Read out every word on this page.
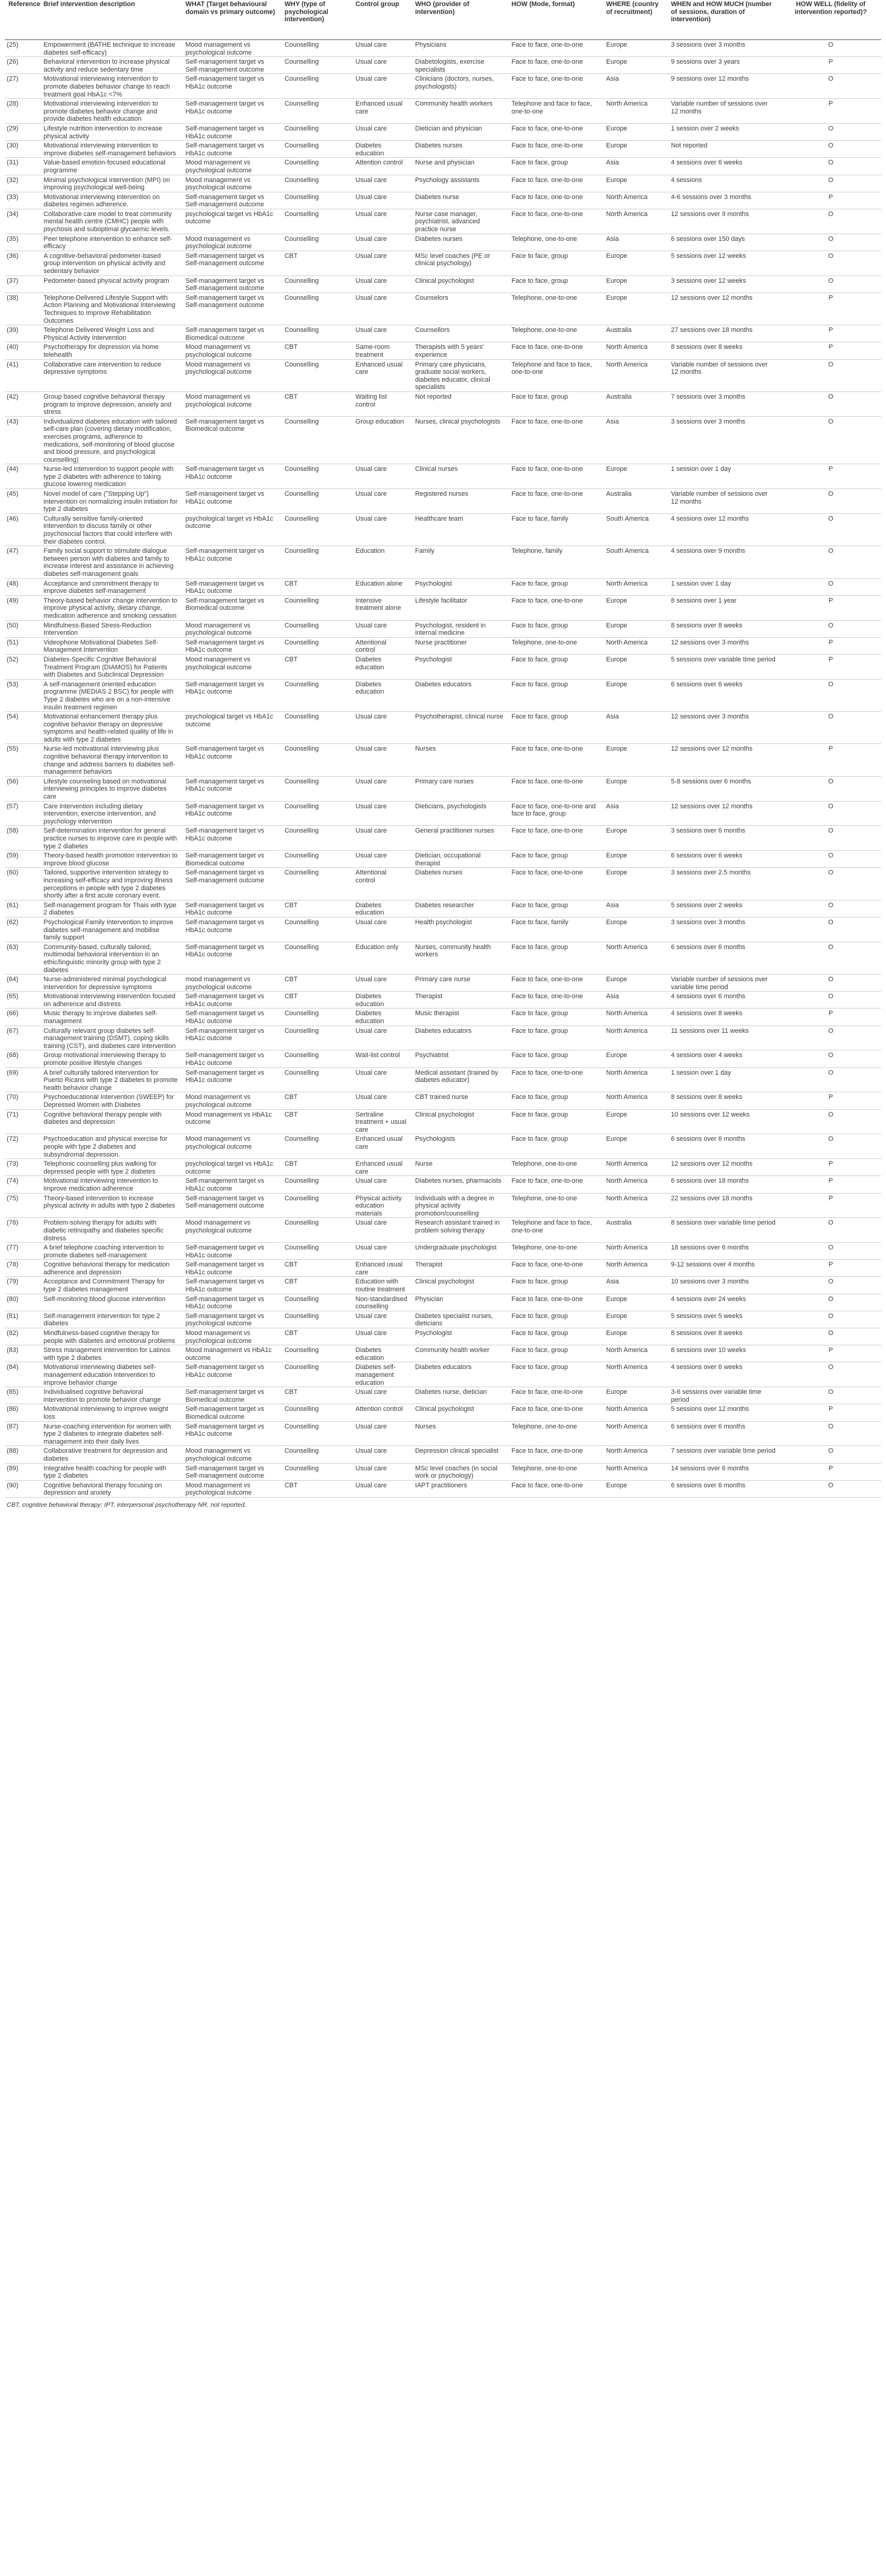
Reference	Brief intervention description	WHAT (Target behavioural domain vs primary outcome)	WHY (type of psychological intervention)	Control group	WHO (provider of intervention)	HOW (Mode, format)	WHERE (country of recruitment)	WHEN and HOW MUCH (number of sessions, duration of intervention)	HOW WELL (fidelity of intervention reported)?
(25)	Empowerment (BATHE technique to increase diabetes self-efficacy)	Mood management vs psychological outcome	Counselling	Usual care	Physicians	Face to face, one-to-one	Europe	3 sessions over 3 months	O
(26)	Behavioral intervention to increase physical activity and reduce sedentary time	Self-management target vs Self-management outcome	Counselling	Usual care	Diabetologists, exercise specialists	Face to face, one-to-one	Europe	9 sessions over 3 years	P
(27)	Motivational interviewing intervention to promote diabetes behavior change to reach treatment goal HbA1c <7%	Self-management target vs HbA1c outcome	Counselling	Usual care	Clinicians (doctors, nurses, psychologists)	Face to face, one-to-one	Asia	9 sessions over 12 months	O
(28)	Motivational interviewing intervention to promote diabetes behavior change and provide diabetes health education	Self-management target vs HbA1c outcome	Counselling	Enhanced usual care	Community health workers	Telephone and face to face, one-to-one	North America	Variable number of sessions over 12 months	P
(29)	Lifestyle nutrition intervention to increase physical activity	Self-management target vs HbA1c outcome	Counselling	Usual care	Dietician and physician	Face to face, one-to-one	Europe	1 session over 2 weeks	O
(30)	Motivational interviewing intervention to improve diabetes self-management behaviors	Self-management target vs HbA1c outcome	Counselling	Diabetes education	Diabetes nurses	Face to face, one-to-one	Europe	Not reported	O
(31)	Value-based emotion-focused educational programme	Mood management vs psychological outcome	Counselling	Attention control	Nurse and physician	Face to face, group	Asia	4 sessions over 6 weeks	O
(32)	Minimal psychological intervention (MPI) on improving psychological well-being	Mood management vs psychological outcome	Counselling	Usual care	Psychology assistants	Face to face, one-to-one	Europe	4 sessions	O
(33)	Motivational interviewing intervention on diabetes regimen adherence.	Self-management target vs Self-management outcome	Counselling	Usual care	Diabetes nurse	Face to face, one-to-one	North America	4-6 sessions over 3 months	P
(34)	Collaborative care model to treat community mental health centre (CMHC) people with psychosis and suboptimal glycaemic levels.	psychological target vs HbA1c outcome	Counselling	Usual care	Nurse case manager, psychiatrist, advanced practice nurse	Face to face, one-to-one	North America	12 sessions over 9 months	O
(35)	Peer telephone intervention to enhance self-efficacy	Mood management vs psychological outcome	Counselling	Usual care	Diabetes nurses	Telephone, one-to-one	Asia	6 sessions over 150 days	O
(36)	A cognitive-behavioral pedometer-based group intervention on physical activity and sedentary behavior	Self-management target vs Self-management outcome	CBT	Usual care	MSc level coaches (PE or clinical psychology)	Face to face, group	Europe	5 sessions over 12 weeks	O
(37)	Pedometer-based physical activity program	Self-management target vs Self-management outcome	Counselling	Usual care	Clinical psychologist	Face to face, group	Europe	3 sessions over 12 weeks	O
(38)	Telephone-Delivered Lifestyle Support with Action Planning and Motivational Interviewing Techniques to Improve Rehabilitation Outcomes	Self-management target vs Self-management outcome	Counselling	Usual care	Counselors	Telephone, one-to-one	Europe	12 sessions over 12 months	P
(39)	Telephone Delivered Weight Loss and Physical Activity Intervention	Self-management target vs Biomedical outcome	Counselling	Usual care	Counsellors	Telephone, one-to-one	Australia	27 sessions over 18 months	P
(40)	Psychotherapy for depression via home telehealth	Mood management vs psychological outcome	CBT	Same-room treatment	Therapists with 5 years' experience	Face to face, one-to-one	North America	8 sessions over 8 weeks	P
(41)	Collaborative care intervention to reduce depressive symptoms	Mood management vs psychological outcome	Counselling	Enhanced usual care	Primary care physicians, graduate social workers, diabetes educator, clinical specialists	Telephone and face to face, one-to-one	North America	Variable number of sessions over 12 months	O
(42)	Group based cognitive behavioral therapy program to improve depression, anxiety and stress	Mood management vs psychological outcome	CBT	Waiting list control	Not reported	Face to face, group	Australia	7 sessions over 3 months	O
(43)	Individualized diabetes education with tailored self-care plan (covering dietary modification, exercises programs, adherence to medications, self-monitoring of blood glucose and blood pressure, and psychological counselling)	Self-management target vs Biomedical outcome	Counselling	Group education	Nurses, clinical psychologists	Face to face, one-to-one	Asia	3 sessions over 3 months	O
(44)	Nurse-led intervention to support people with type 2 diabetes with adherence to taking glucose lowering medication	Self-management target vs HbA1c outcome	Counselling	Usual care	Clinical nurses	Face to face, one-to-one	Europe	1 session over 1 day	P
(45)	Novel model of care ("Stepping Up") intervention on normalizing insulin initiation for type 2 diabetes	Self-management target vs HbA1c outcome	Counselling	Usual care	Registered nurses	Face to face, one-to-one	Australia	Variable number of sessions over 12 months	O
(46)	Culturally sensitive family-oriented intervention to discuss family or other psychosocial factors that could interfere with their diabetes control.	psychological target vs HbA1c outcome	Counselling	Usual care	Healthcare team	Face to face, family	South America	4 sessions over 12 months	O
(47)	Family social support to stimulate dialogue between person with diabetes and family to increase interest and assistance in achieving diabetes self-management goals	Self-management target vs HbA1c outcome	Counselling	Education	Family	Telephone, family	South America	4 sessions over 9 months	O
(48)	Acceptance and commitment therapy to improve diabetes self-management	Self-management target vs HbA1c outcome	CBT	Education alone	Psychologist	Face to face, group	North America	1 session over 1 day	O
(49)	Theory-based behavior change intervention to improve physical activity, dietary change, medication adherence and smoking cessation	Self-management target vs Biomedical outcome	Counselling	Intensive treatment alone	Lifestyle facilitator	Face to face, one-to-one	Europe	8 sessions over 1 year	P
(50)	Mindfulness-Based Stress-Reduction Intervention	Mood management vs psychological outcome	Counselling	Usual care	Psychologist, resident in internal medicine	Face to face, group	Europe	8 sessions over 8 weeks	O
(51)	Videophone Motivational Diabetes Self-Management Intervention	Self-management target vs HbA1c outcome	Counselling	Attentional control	Nurse practitioner	Telephone, one-to-one	North America	12 sessions over 3 months	P
(52)	Diabetes-Specific Cognitive Behavioral Treatment Program (DIAMOS) for Patients with Diabetes and Subclinical Depression	Mood management vs psychological outcome	CBT	Diabetes education	Psychologist	Face to face, group	Europe	5 sessions over variable time period	P
(53)	A self-management oriented education programme (MEDIAS 2 BSC) for people with Type 2 diabetes who are on a non-intensive insulin treatment regimen	Self-management target vs HbA1c outcome	Counselling	Diabetes education	Diabetes educators	Face to face, group	Europe	6 sessions over 6 weeks	O
(54)	Motivational enhancement therapy plus cognitive behavior therapy on depressive symptoms and health-related quality of life in adults with type 2 diabetes	psychological target vs HbA1c outcome	Counselling	Usual care	Psychotherapist, clinical nurse	Face to face, group	Asia	12 sessions over 3 months	O
(55)	Nurse-led motivational interviewing plus cognitive behavioral therapy intervention to change and address barriers to diabetes self-management behaviors	Self-management target vs HbA1c outcome	Counselling	Usual care	Nurses	Face to face, one-to-one	Europe	12 sessions over 12 months	P
(56)	Lifestyle counseling based on motivational interviewing principles to improve diabetes care	Self-management target vs HbA1c outcome	Counselling	Usual care	Primary care nurses	Face to face, one-to-one	Europe	5-8 sessions over 6 months	O
(57)	Care intervention including dietary intervention, exercise intervention, and psychology intervention	Self-management target vs HbA1c outcome	Counselling	Usual care	Dieticians, psychologists	Face to face, one-to-one and face to face, group	Asia	12 sessions over 12 months	O
(58)	Self-determination intervention for general practice nurses to improve care in people with type 2 diabetes	Self-management target vs HbA1c outcome	Counselling	Usual care	General practitioner nurses	Face to face, one-to-one	Europe	3 sessions over 6 months	O
(59)	Theory-based health promotion intervention to improve blood glucose	Self-management target vs Biomedical outcome	Counselling	Usual care	Dietician, occupational therapist	Face to face, group	Europe	6 sessions over 6 weeks	O
(60)	Tailored, supportive intervention strategy to increasing self-efficacy and improving illness perceptions in people with type 2 diabetes shortly after a first acute coronary event.	Self-management target vs Self-management outcome	Counselling	Attentional control	Diabetes nurses	Face to face, one-to-one	Europe	3 sessions over 2.5 months	O
(61)	Self-management program for Thais with type 2 diabetes	Self-management target vs HbA1c outcome	CBT	Diabetes education	Diabetes researcher	Face to face, group	Asia	5 sessions over 2 weeks	O
(62)	Psychological Family Intervention to improve diabetes self-management and mobilise family support	Self-management target vs HbA1c outcome	Counselling	Usual care	Health psychologist	Face to face, family	Europe	3 sessions over 3 months	O
(63)	Community-based, culturally tailored, multimodal behavioral intervention in an ethic/linguistic minority group with type 2 diabetes	Self-management target vs HbA1c outcome	Counselling	Education only	Nurses, community health workers	Face to face, group	North America	6 sessions over 6 months	O
(64)	Nurse-administered minimal psychological intervention for depressive symptoms	mood management vs psychological outcome	CBT	Usual care	Primary care nurse	Face to face, one-to-one	Europe	Variable number of sessions over variable time period	O
(65)	Motivational interviewing intervention focused on adherence and distress	Self-management target vs HbA1c outcome	CBT	Diabetes education	Therapist	Face to face, one-to-one	Asia	4 sessions over 6 months	O
(66)	Music therapy to improve diabetes self-management	Self-management target vs HbA1c outcome	Counselling	Diabetes education	Music therapist	Face to face, group	North America	4 sessions over 8 weeks	P
(67)	Culturally relevant group diabetes self-management training (DSMT), coping skills training (CST), and diabetes care intervention	Self-management target vs HbA1c outcome	Counselling	Usual care	Diabetes educators	Face to face, group	North America	11 sessions over 11 weeks	O
(68)	Group motivational interviewing therapy to promote positive lifestyle changes	Self-management target vs HbA1c outcome	Counselling	Wait-list control	Psychiatrist	Face to face, group	Europe	4 sessions over 4 weeks	O
(69)	A brief culturally tailored intervention for Puerto Ricans with type 2 diabetes to promote health behavior change	Self-management target vs HbA1c outcome	Counselling	Usual care	Medical assistant (trained by diabetes educator)	Face to face, one-to-one	North America	1 session over 1 day	O
(70)	Psychoeducational Intervention (SWEEP) for Depressed Women with Diabetes	Mood management vs psychological outcome	CBT	Usual care	CBT trained nurse	Face to face, group	North America	8 sessions over 8 weeks	P
(71)	Cognitive behavioral therapy people with diabetes and depression	Mood management vs HbA1c outcome	CBT	Sertraline treatment + usual care	Clinical psychologist	Face to face, group	Europe	10 sessions over 12 weeks	O
(72)	Psychoeducation and physical exercise for people with type 2 diabetes and subsyndromal depression.	Mood management vs psychological outcome	Counselling	Enhanced usual care	Psychologists	Face to face, group	Europe	6 sessions over 6 months	O
(73)	Telephonic counselling plus walking for depressed people with type 2 diabetes	psychological target vs HbA1c outcome	CBT	Enhanced usual care	Nurse	Telephone, one-to-one	North America	12 sessions over 12 months	P
(74)	Motivational interviewing intervention to improve medication adherence	Self-management target vs HbA1c outcome	Counselling	Usual care	Diabetes nurses, pharmacists	Face to face, one-to-one	North America	6 sessions over 18 months	P
(75)	Theory-based intervention to increase physical activity in adults with type 2 diabetes	Self-management target vs Self-management outcome	Counselling	Physical activity education materials	Individuals with a degree in physical activity promotion/counselling	Telephone, one-to-one	North America	22 sessions over 18 months	P
(76)	Problem-solving therapy for adults with diabetic retinopathy and diabetes specific distress	Mood management vs psychological outcome	Counselling	Usual care	Research assistant trained in problem solving therapy	Telephone and face to face, one-to-one	Australia	8 sessions over variable time period	O
(77)	A brief telephone coaching intervention to promote diabetes self-management	Self-management target vs HbA1c outcome	Counselling	Usual care	Undergraduate psychologist	Telephone, one-to-one	North America	18 sessions over 6 months	O
(78)	Cognitive behavioral therapy for medication adherence and depression	Self-management target vs HbA1c outcome	CBT	Enhanced usual care	Therapist	Face to face, one-to-one	North America	9-12 sessions over 4 months	P
(79)	Acceptance and Commitment Therapy for type 2 diabetes management	Self-management target vs HbA1c outcome	CBT	Education with routine treatment	Clinical psychologist	Face to face, group	Asia	10 sessions over 3 months	O
(80)	Self-monitoring blood glucose intervention	Self-management target vs HbA1c outcome	Counselling	Non-standardised counselling	Physician	Face to face, one-to-one	Europe	4 sessions over 24 weeks	O
(81)	Self-management intervention for type 2 diabetes	Self-management target vs psychological outcome	Counselling	Usual care	Diabetes specialist nurses, dieticians	Face to face, group	Europe	5 sessions over 5 weeks	O
(82)	Mindfulness-based cognitive therapy for people with diabetes and emotional problems	Mood management vs psychological outcome	CBT	Usual care	Psychologist	Face to face, group	Europe	8 sessions over 8 weeks	O
(83)	Stress management intervention for Latinos with type 2 diabetes	Mood management vs HbA1c outcome	Counselling	Diabetes education	Community health worker	Face to face, group	North America	8 sessions over 10 weeks	P
(84)	Motivational interviewing diabetes self-management education intervention to improve behavior change	Self-management target vs HbA1c outcome	Counselling	Diabetes self-management education	Diabetes educators	Face to face, group	North America	4 sessions over 6 weeks	O
(85)	Individualised cognitive behavioral intervention to promote behavior change	Self-management target vs Biomedical outcome	CBT	Usual care	Diabetes nurse, dietician	Face to face, one-to-one	Europe	3-6 sessions over variable time period	O
(86)	Motivational interviewing to improve weight loss	Self-management target vs Biomedical outcome	Counselling	Attention control	Clinical psychologist	Face to face, one-to-one	North America	5 sessions over 12 months	P
(87)	Nurse-coaching intervention for women with type 2 diabetes to integrate diabetes self-management into their daily lives	Self-management target vs HbA1c outcome	Counselling	Usual care	Nurses	Telephone, one-to-one	North America	6 sessions over 6 months	O
(88)	Collaborative treatment for depression and diabetes	Mood management vs psychological outcome	Counselling	Usual care	Depression clinical specialist	Face to face, one-to-one	North America	7 sessions over variable time period	O
(89)	Integrative health coaching for people with type 2 diabetes	Self-management target vs Self-management outcome	Counselling	Usual care	MSc level coaches (in social work or psychology)	Telephone, one-to-one	North America	14 sessions over 6 months	P
(90)	Cognitive behavioral therapy focusing on depression and anxiety	Mood management vs psychological outcome	CBT	Usual care	IAPT practitioners	Face to face, one-to-one	Europe	6 sessions over 6 months	O
CBT, cognitive behavioral therapy; IPT, interpersonal psychotherapy NR, not reported.
